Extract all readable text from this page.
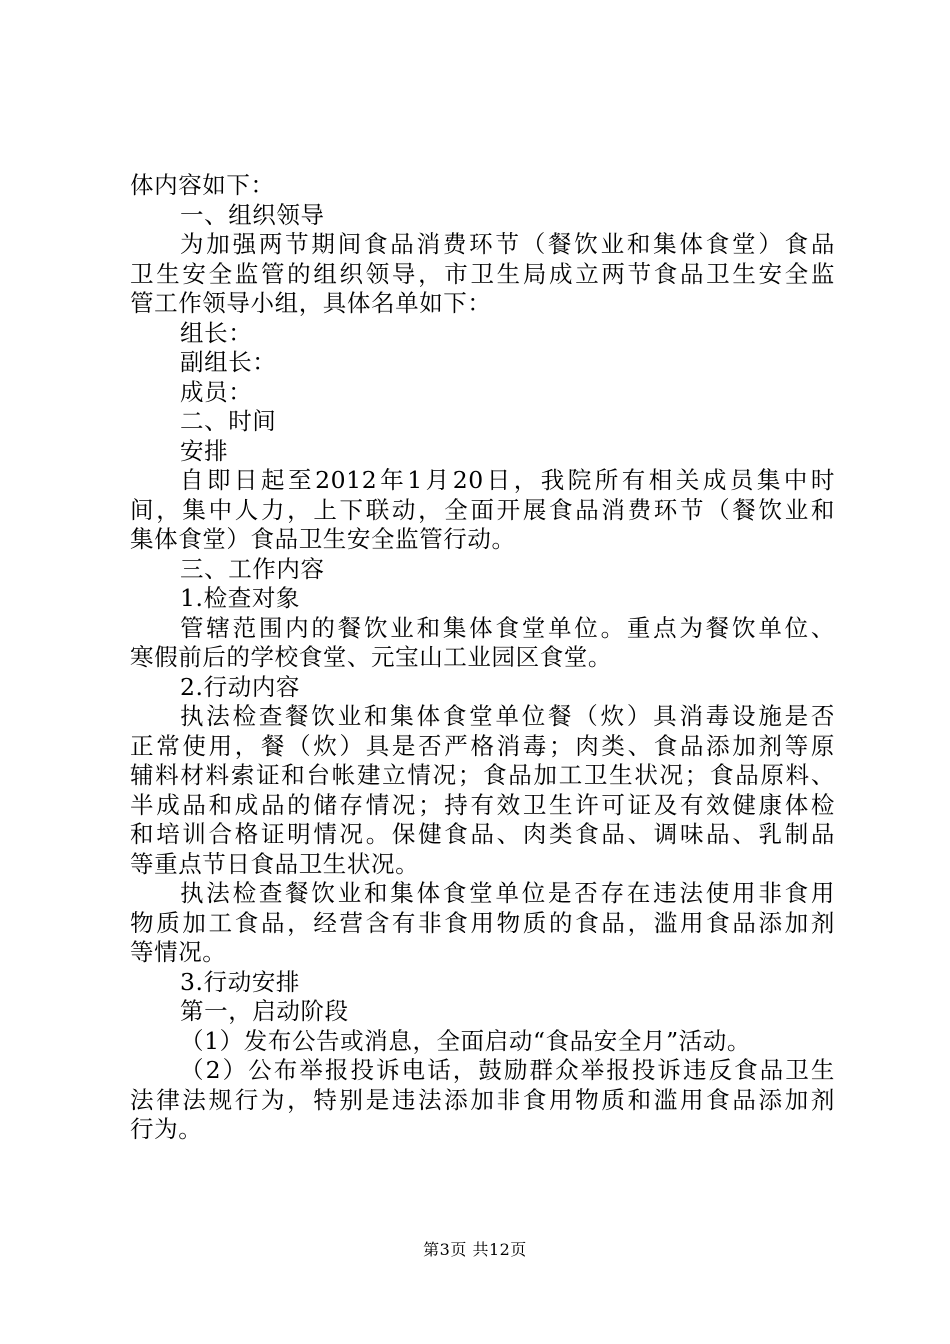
体内容如下：
一、组织领导
为加强两节期间食品消费环节（餐饮业和集体食堂）食品
卫生安全监管的组织领导，市卫生局成立两节食品卫生安全监
管工作领导小组，具体名单如下：
组长：
副组长：
成员：
二、时间
安排
自即日起至2012年1月20日，我院所有相关成员集中时
间，集中人力，上下联动，全面开展食品消费环节（餐饮业和
集体食堂）食品卫生安全监管行动。
三、工作内容
1.检查对象
管辖范围内的餐饮业和集体食堂单位。重点为餐饮单位、
寒假前后的学校食堂、元宝山工业园区食堂。
2.行动内容
执法检查餐饮业和集体食堂单位餐（炊）具消毒设施是否
正常使用，餐（炊）具是否严格消毒；肉类、食品添加剂等原
辅料材料索证和台帐建立情况；食品加工卫生状况；食品原料、
半成品和成品的储存情况；持有效卫生许可证及有效健康体检
和培训合格证明情况。保健食品、肉类食品、调味品、乳制品
等重点节日食品卫生状况。
执法检查餐饮业和集体食堂单位是否存在违法使用非食用
物质加工食品，经营含有非食用物质的食品，滥用食品添加剂
等情况。
3.行动安排
第一，启动阶段
（1）发布公告或消息，全面启动“食品安全月”活动。
（2）公布举报投诉电话，鼓励群众举报投诉违反食品卫生
法律法规行为，特别是违法添加非食用物质和滥用食品添加剂
行为。
第3页 共12页
